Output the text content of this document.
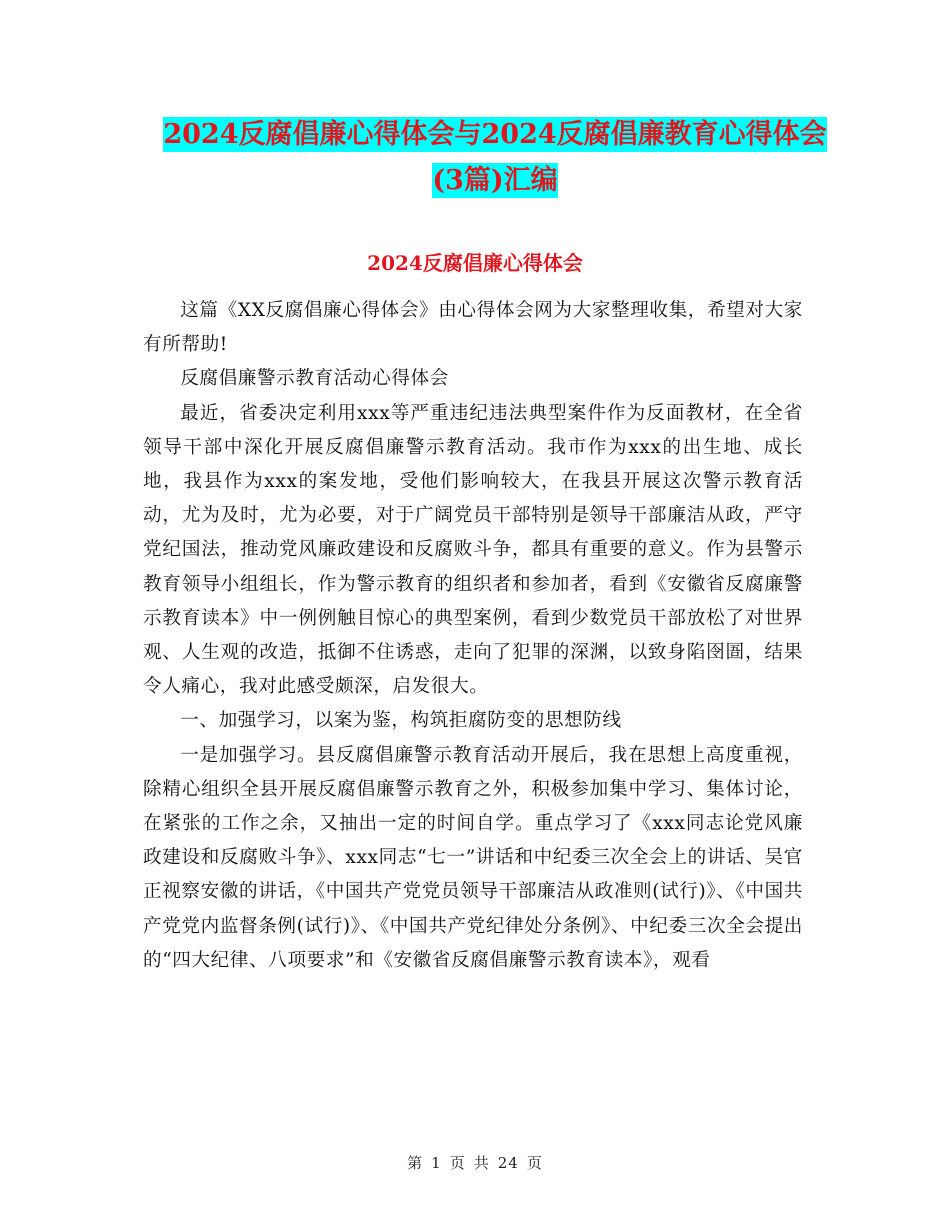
2024反腐倡廉心得体会与2024反腐倡廉教育心得体会
(3篇)汇编
2024反腐倡廉心得体会

这篇《XX反腐倡廉心得体会》由心得体会网为大家整理收集，希望对大家有所帮助!

反腐倡廉警示教育活动心得体会

最近，省委决定利用xxx等严重违纪违法典型案件作为反面教材，在全省领导干部中深化开展反腐倡廉警示教育活动。我市作为xxx的出生地、成长地，我县作为xxx的案发地，受他们影响较大，在我县开展这次警示教育活动，尤为及时，尤为必要，对于广阔党员干部特别是领导干部廉洁从政，严守党纪国法，推动党风廉政建设和反腐败斗争，都具有重要的意义。作为县警示教育领导小组组长，作为警示教育的组织者和参加者，看到《安徽省反腐廉警示教育读本》中一例例触目惊心的典型案例，看到少数党员干部放松了对世界观、人生观的改造，抵御不住诱惑，走向了犯罪的深渊，以致身陷囹圄，结果令人痛心，我对此感受颇深，启发很大。

一、加强学习，以案为鉴，构筑拒腐防变的思想防线

一是加强学习。县反腐倡廉警示教育活动开展后，我在思想上高度重视，除精心组织全县开展反腐倡廉警示教育之外，积极参加集中学习、集体讨论，在紧张的工作之余，又抽出一定的时间自学。重点学习了《xxx同志论党风廉政建设和反腐败斗争》、xxx同志“七一”讲话和中纪委三次全会上的讲话、吴官正视察安徽的讲话，《中国共产党党员领导干部廉洁从政准则(试行)》、《中国共产党党内监督条例(试行)》、《中国共产党纪律处分条例》、中纪委三次全会提出的“四大纪律、八项要求”和《安徽省反腐倡廉警示教育读本》，观看

第 1 页 共 24 页
